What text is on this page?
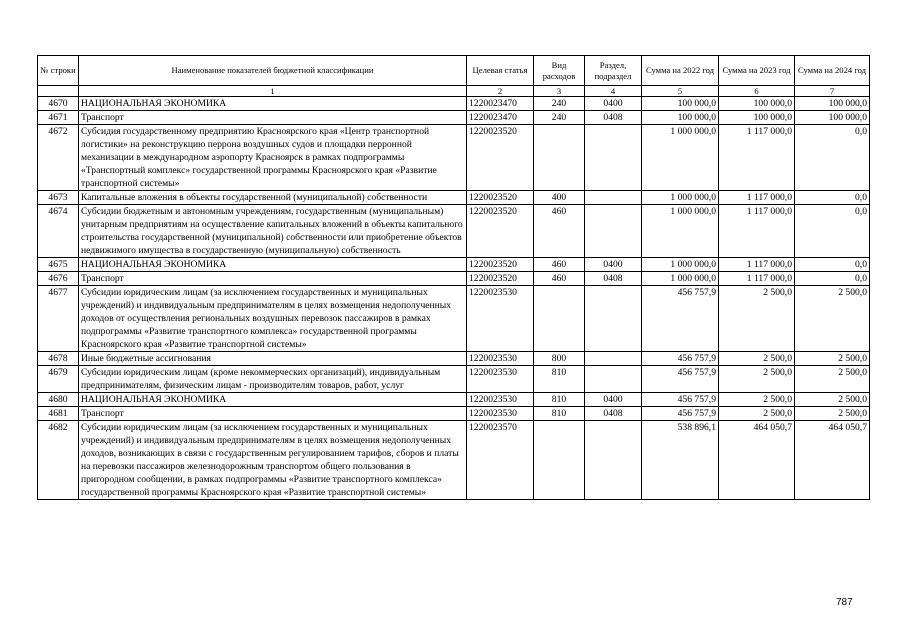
№ строки	Наименование показателей бюджетной классификации	Целевая статья	Вид расходов	Раздел, подраздел	Сумма на 2022 год	Сумма на 2023 год	Сумма на 2024 год
	1	2	3	4	5	6	7
4670	НАЦИОНАЛЬНАЯ ЭКОНОМИКА	1220023470	240	0400	100 000,0	100 000,0	100 000,0
4671	Транспорт	1220023470	240	0408	100 000,0	100 000,0	100 000,0
4672	Субсидия государственному предприятию Красноярского края «Центр транспортной логистики» на реконструкцию перрона воздушных судов и площадки перронной механизации в международном аэропорту Красноярск в рамках подпрограммы «Транспортный комплекс» государственной программы Красноярского края «Развитие транспортной системы»	1220023520			1 000 000,0	1 117 000,0	0,0
4673	Капитальные вложения в объекты государственной (муниципальной) собственности	1220023520	400		1 000 000,0	1 117 000,0	0,0
4674	Субсидии бюджетным и автономным учреждениям, государственным (муниципальным) унитарным предприятиям на осуществление капитальных вложений в объекты капитального строительства государственной (муниципальной) собственности или приобретение объектов недвижимого имущества в государственную (муниципальную) собственность	1220023520	460		1 000 000,0	1 117 000,0	0,0
4675	НАЦИОНАЛЬНАЯ ЭКОНОМИКА	1220023520	460	0400	1 000 000,0	1 117 000,0	0,0
4676	Транспорт	1220023520	460	0408	1 000 000,0	1 117 000,0	0,0
4677	Субсидии юридическим лицам (за исключением государственных и муниципальных учреждений) и индивидуальным предпринимателям в целях возмещения недополученных доходов от осуществления региональных воздушных перевозок пассажиров в рамках подпрограммы «Развитие транспортного комплекса» государственной программы Красноярского края «Развитие транспортной системы»	1220023530			456 757,9	2 500,0	2 500,0
4678	Иные бюджетные ассигнования	1220023530	800		456 757,9	2 500,0	2 500,0
4679	Субсидии юридическим лицам (кроме некоммерческих организаций), индивидуальным предпринимателям, физическим лицам - производителям товаров, работ, услуг	1220023530	810		456 757,9	2 500,0	2 500,0
4680	НАЦИОНАЛЬНАЯ ЭКОНОМИКА	1220023530	810	0400	456 757,9	2 500,0	2 500,0
4681	Транспорт	1220023530	810	0408	456 757,9	2 500,0	2 500,0
4682	Субсидии юридическим лицам (за исключением государственных и муниципальных учреждений) и индивидуальным предпринимателям в целях возмещения недополученных доходов, возникающих в связи с государственным регулированием тарифов, сборов и платы на перевозки пассажиров железнодорожным транспортом общего пользования в пригородном сообщении, в рамках подпрограммы «Развитие транспортного комплекса» государственной программы Красноярского края «Развитие транспортной системы»	1220023570			538 896,1	464 050,7	464 050,7
787
